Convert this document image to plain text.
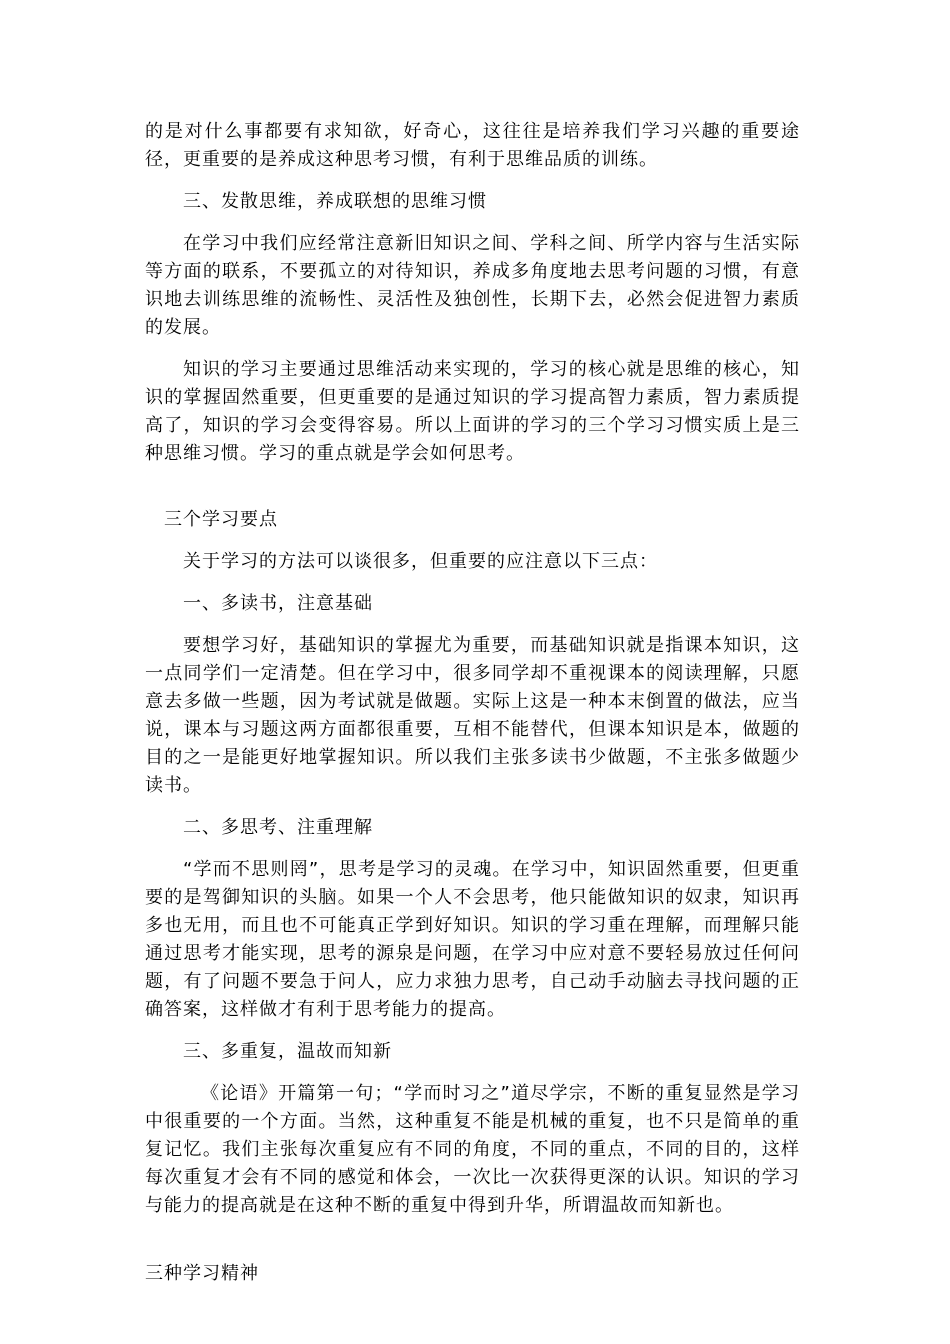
的是对什么事都要有求知欲，好奇心，这往往是培养我们学习兴趣的重要途径，更重要的是养成这种思考习惯，有利于思维品质的训练。

三、发散思维，养成联想的思维习惯

在学习中我们应经常注意新旧知识之间、学科之间、所学内容与生活实际等方面的联系，不要孤立的对待知识，养成多角度地去思考问题的习惯，有意识地去训练思维的流畅性、灵活性及独创性，长期下去，必然会促进智力素质的发展。

知识的学习主要通过思维活动来实现的，学习的核心就是思维的核心，知识的掌握固然重要，但更重要的是通过知识的学习提高智力素质，智力素质提高了，知识的学习会变得容易。所以上面讲的学习的三个学习习惯实质上是三种思维习惯。学习的重点就是学会如何思考。

三个学习要点

关于学习的方法可以谈很多，但重要的应注意以下三点：

一、多读书，注意基础

要想学习好，基础知识的掌握尤为重要，而基础知识就是指课本知识，这一点同学们一定清楚。但在学习中，很多同学却不重视课本的阅读理解，只愿意去多做一些题，因为考试就是做题。实际上这是一种本末倒置的做法，应当说，课本与习题这两方面都很重要，互相不能替代，但课本知识是本，做题的目的之一是能更好地掌握知识。所以我们主张多读书少做题，不主张多做题少读书。

二、多思考、注重理解

“学而不思则罔”，思考是学习的灵魂。在学习中，知识固然重要，但更重要的是驾御知识的头脑。如果一个人不会思考，他只能做知识的奴隶，知识再多也无用，而且也不可能真正学到好知识。知识的学习重在理解，而理解只能通过思考才能实现，思考的源泉是问题，在学习中应对意不要轻易放过任何问题，有了问题不要急于问人，应力求独力思考，自己动手动脑去寻找问题的正确答案，这样做才有利于思考能力的提高。

三、多重复，温故而知新

《论语》开篇第一句；“学而时习之”道尽学宗，不断的重复显然是学习中很重要的一个方面。当然，这种重复不能是机械的重复，也不只是简单的重复记忆。我们主张每次重复应有不同的角度，不同的重点，不同的目的，这样每次重复才会有不同的感觉和体会，一次比一次获得更深的认识。知识的学习与能力的提高就是在这种不断的重复中得到升华，所谓温故而知新也。

三种学习精神
